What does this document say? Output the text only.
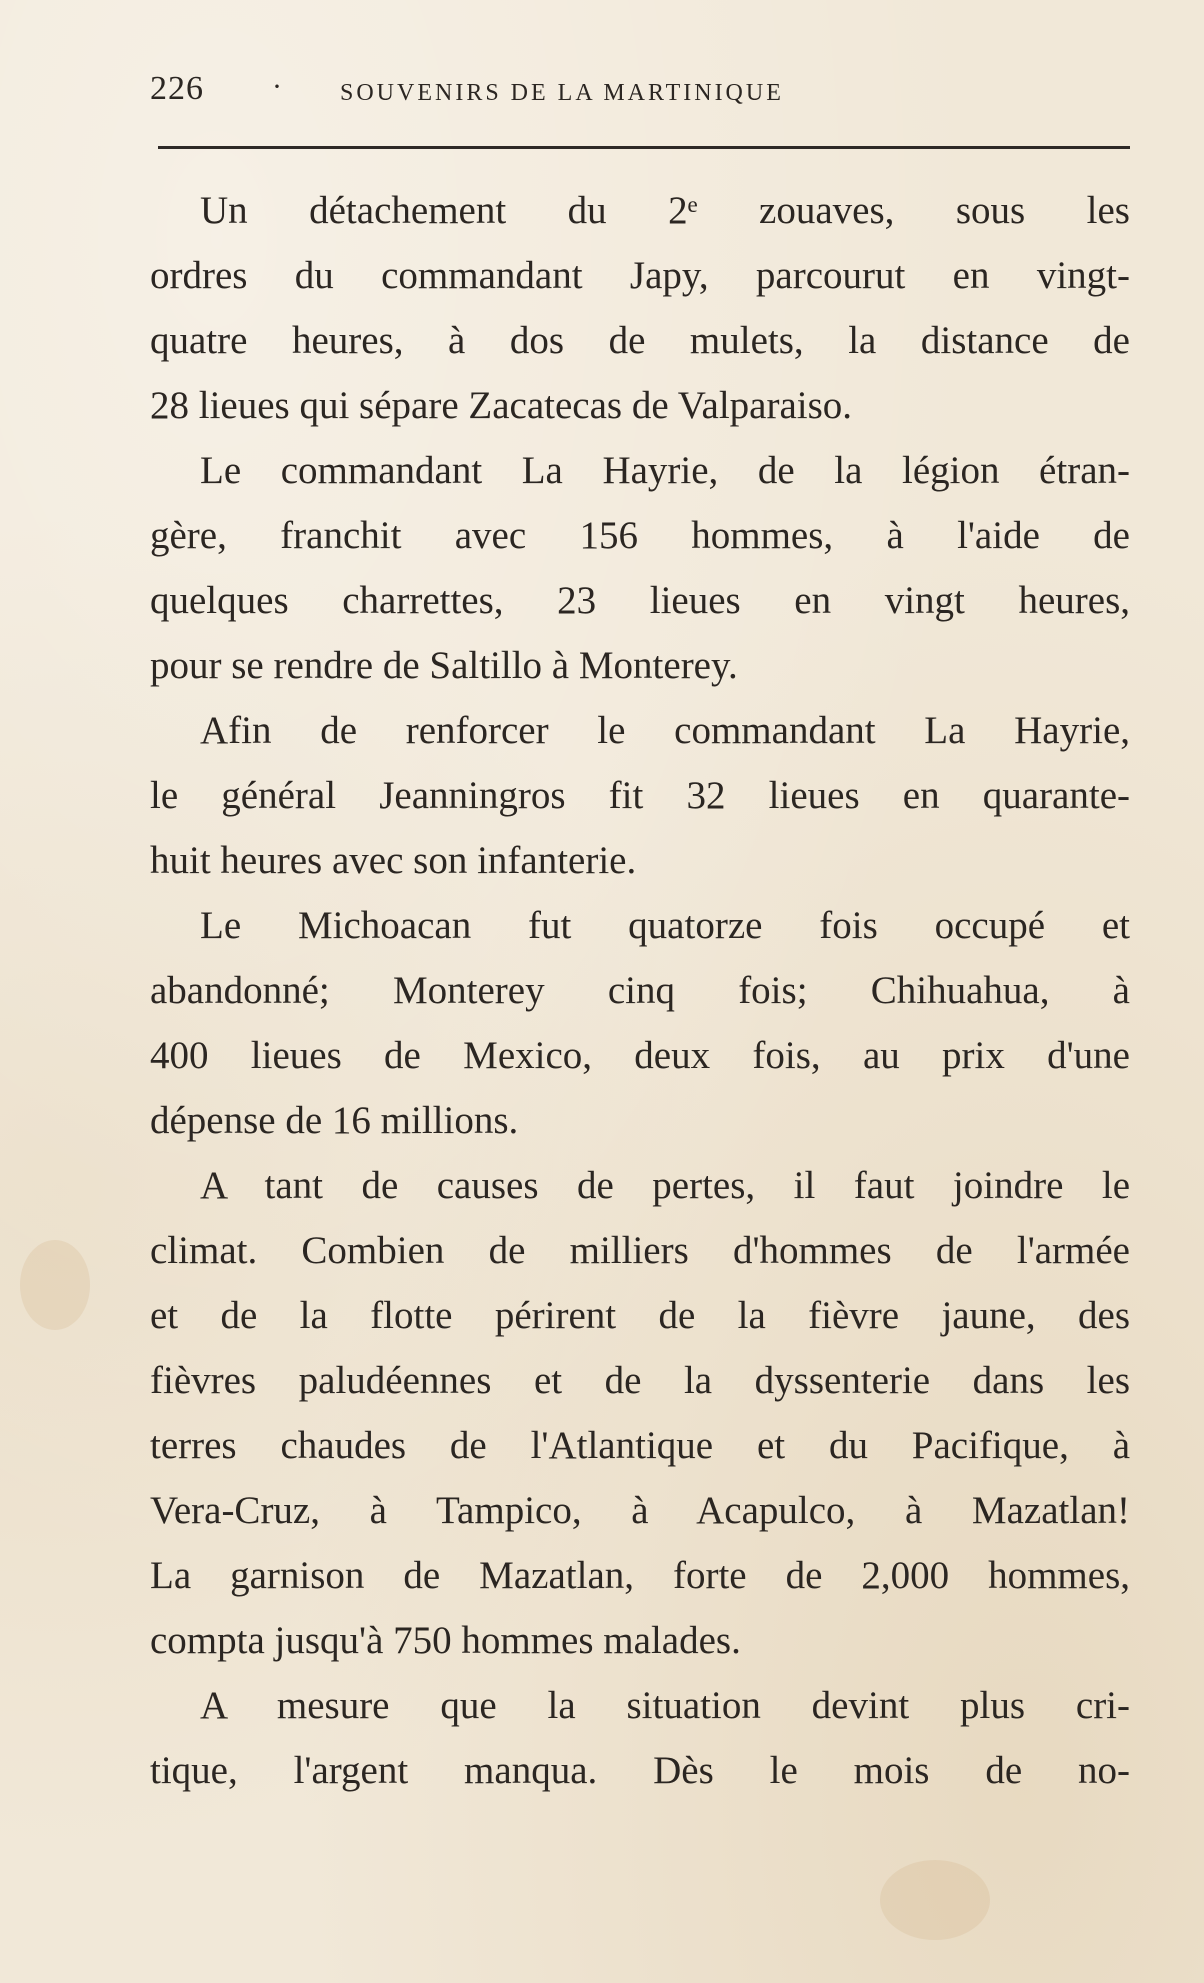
226 · SOUVENIRS DE LA MARTINIQUE
Un détachement du 2ᵉ zouaves, sous les
ordres du commandant Japy, parcourut en vingt-
quatre heures, à dos de mulets, la distance de
28 lieues qui sépare Zacatecas de Valparaiso.
Le commandant La Hayrie, de la légion étran-
gère, franchit avec 156 hommes, à l'aide de
quelques charrettes, 23 lieues en vingt heures,
pour se rendre de Saltillo à Monterey.
Afin de renforcer le commandant La Hayrie,
le général Jeanningros fit 32 lieues en quarante-
huit heures avec son infanterie.
Le Michoacan fut quatorze fois occupé et
abandonné; Monterey cinq fois; Chihuahua, à
400 lieues de Mexico, deux fois, au prix d'une
dépense de 16 millions.
A tant de causes de pertes, il faut joindre le
climat. Combien de milliers d'hommes de l'armée
et de la flotte périrent de la fièvre jaune, des
fièvres paludéennes et de la dyssenterie dans les
terres chaudes de l'Atlantique et du Pacifique, à
Vera-Cruz, à Tampico, à Acapulco, à Mazatlan!
La garnison de Mazatlan, forte de 2,000 hommes,
compta jusqu'à 750 hommes malades.
A mesure que la situation devint plus cri-
tique, l'argent manqua. Dès le mois de no-
